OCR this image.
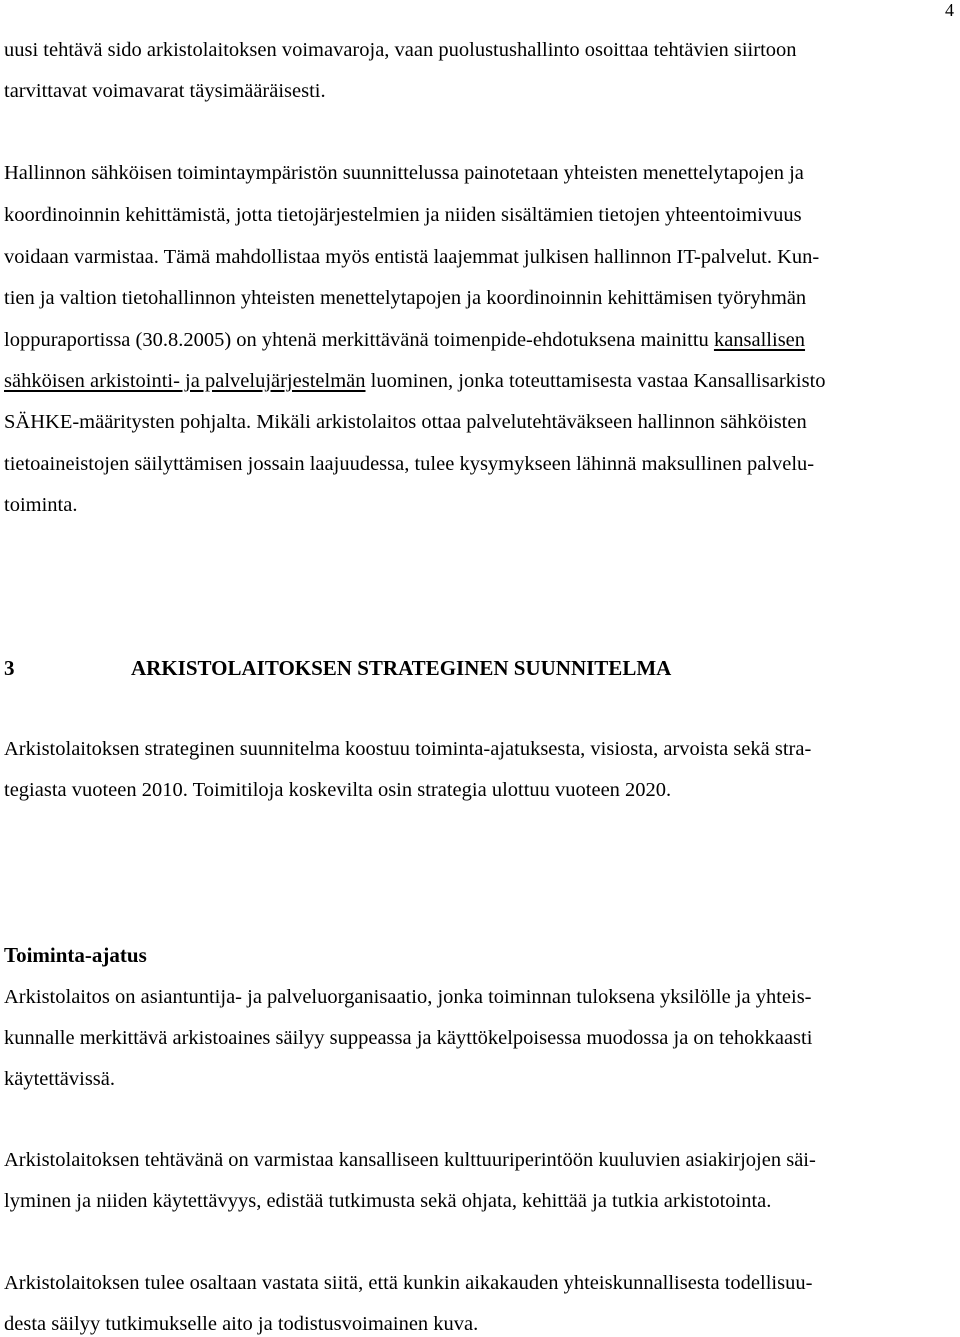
4
uusi tehtävä sido arkistolaitoksen voimavaroja, vaan puolustushallinto osoittaa tehtävien siirtoon
tarvittavat voimavarat täysimääräisesti.
Hallinnon sähköisen toimintaympäristön suunnittelussa painotetaan yhteisten menettelytapojen ja
koordinoinnin kehittämistä, jotta tietojärjestelmien ja niiden sisältämien tietojen yhteentoimivuus
voidaan varmistaa. Tämä mahdollistaa myös entistä laajemmat julkisen hallinnon IT-palvelut. Kun-
tien ja valtion tietohallinnon yhteisten menettelytapojen ja koordinoinnin kehittämisen työryhmän
loppuraportissa (30.8.2005) on yhtenä merkittävänä toimenpide-ehdotuksena mainittu kansallisen
sähköisen arkistointi- ja palvelujärjestelmän luominen, jonka toteuttamisesta vastaa Kansallisarkisto
SÄHKE-määritysten pohjalta. Mikäli arkistolaitos ottaa palvelutehtäväkseen hallinnon sähköisten
tietoaineistojen säilyttämisen jossain laajuudessa, tulee kysymykseen lähinnä maksullinen palvelu-
toiminta.
3	ARKISTOLAITOKSEN STRATEGINEN SUUNNITELMA
Arkistolaitoksen strateginen suunnitelma koostuu toiminta-ajatuksesta, visiosta, arvoista sekä stra-
tegiasta vuoteen 2010. Toimitiloja koskevilta osin strategia ulottuu vuoteen 2020.
Toiminta-ajatus
Arkistolaitos on asiantuntija- ja palveluorganisaatio, jonka toiminnan tuloksena yksilölle ja yhteis-
kunnalle merkittävä arkistoaines säilyy suppeassa ja käyttökelpoisessa muodossa ja on tehokkaasti
käytettävissä.
Arkistolaitoksen tehtävänä on varmistaa kansalliseen kulttuuriperintöön kuuluvien asiakirjojen säi-
lyminen ja niiden käytettävyys, edistää tutkimusta sekä ohjata, kehittää ja tutkia arkistotointa.
Arkistolaitoksen tulee osaltaan vastata siitä, että kunkin aikakauden yhteiskunnallisesta todellisuu-
desta säilyy tutkimukselle aito ja todistusvoimainen kuva.
